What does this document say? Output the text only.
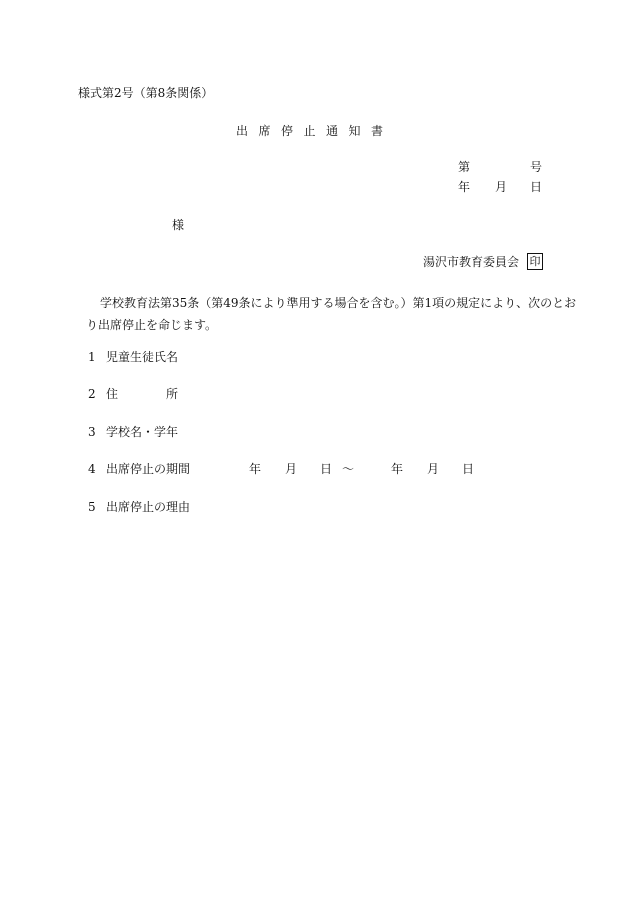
様式第2号（第8条関係）
出席停止通知書
第	号
年 月 日
様
湯沢市教育委員会 印

学校教育法第35条（第49条により準用する場合を含む。）第1項の規定により、次のとお

り出席停止を命じます。

1 児童生徒氏名
2 住	所
3 学校名・学年
4 出席停止の期間	年 月 日 ～	年 月 日
5 出席停止の理由
